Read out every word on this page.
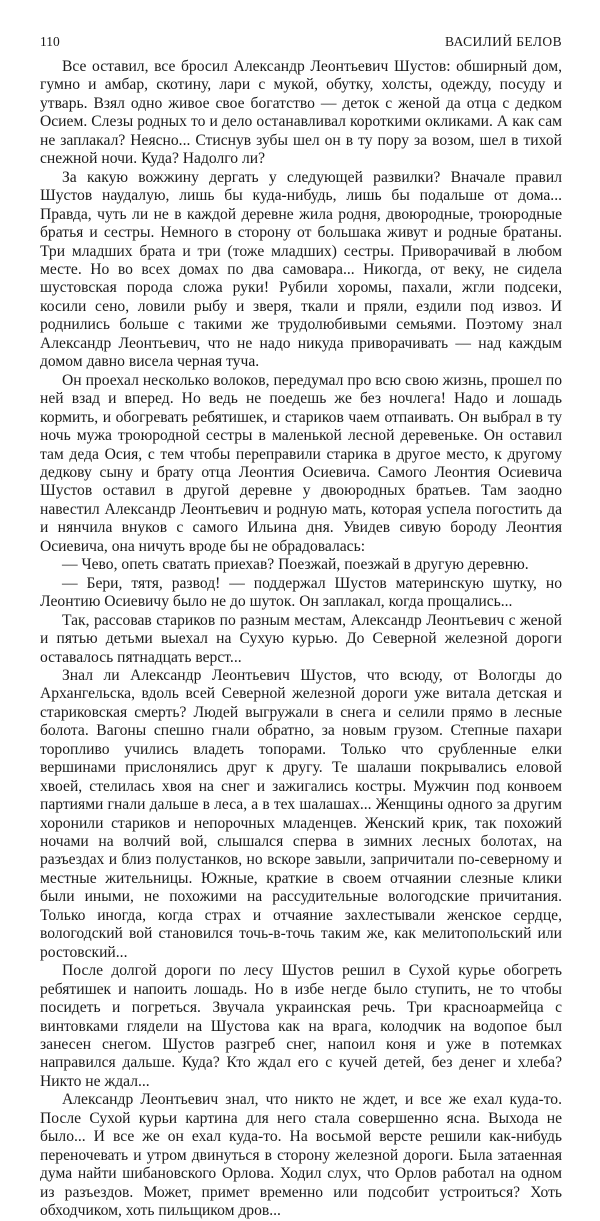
110	ВАСИЛИЙ БЕЛОВ

Все оставил, все бросил Александр Леонтьевич Шустов: обширный дом, гумно и амбар, скотину, лари с мукой, обутку, холсты, одежду, посуду и утварь. Взял одно живое свое богатство — деток с женой да отца с дедком Осием. Слезы родных то и дело останавливал короткими окликами. А как сам не заплакал? Неясно... Стиснув зубы шел он в ту пору за возом, шел в тихой снежной ночи. Куда? Надолго ли?

За какую вожжину дергать у следующей развилки? Вначале правил Шустов наудалую, лишь бы куда-нибудь, лишь бы подальше от дома... Правда, чуть ли не в каждой деревне жила родня, двоюродные, троюродные братья и сестры. Немного в сторону от большака живут и родные братаны. Три младших брата и три (тоже младших) сестры. Приворачивай в любом месте. Но во всех домах по два самовара... Никогда, от веку, не сидела шустовская порода сложа руки! Рубили хоромы, пахали, жгли подсеки, косили сено, ловили рыбу и зверя, ткали и пряли, ездили под извоз. И роднились больше с такими же трудолюбивыми семьями. Поэтому знал Александр Леонтьевич, что не надо никуда приворачивать — над каждым домом давно висела черная туча.

Он проехал несколько волоков, передумал про всю свою жизнь, прошел по ней взад и вперед. Но ведь не поедешь же без ночлега! Надо и лошадь кормить, и обогревать ребятишек, и стариков чаем отпаивать. Он выбрал в ту ночь мужа троюродной сестры в маленькой лесной деревеньке. Он оставил там деда Осия, с тем чтобы переправили старика в другое место, к другому дедкову сыну и брату отца Леонтия Осиевича. Самого Леонтия Осиевича Шустов оставил в другой деревне у двоюродных братьев. Там заодно навестил Александр Леонтьевич и родную мать, которая успела погостить да и нянчила внуков с самого Ильина дня. Увидев сивую бороду Леонтия Осиевича, она ничуть вроде бы не обрадовалась:

— Чево, опеть сватать приехав? Поезжай, поезжай в другую деревню.

— Бери, тятя, развод! — поддержал Шустов материнскую шутку, но Леонтию Осиевичу было не до шуток. Он заплакал, когда прощались...

Так, рассовав стариков по разным местам, Александр Леонтьевич с женой и пятью детьми выехал на Сухую курью. До Северной железной дороги оставалось пятнадцать верст...

Знал ли Александр Леонтьевич Шустов, что всюду, от Вологды до Архангельска, вдоль всей Северной железной дороги уже витала детская и стариковская смерть? Людей выгружали в снега и селили прямо в лесные болота. Вагоны спешно гнали обратно, за новым грузом. Степные пахари торопливо учились владеть топорами. Только что срубленные елки вершинами прислонялись друг к другу. Те шалаши покрывались еловой хвоей, стелилась хвоя на снег и зажигались костры. Мужчин под конвоем партиями гнали дальше в леса, а в тех шалашах... Женщины одного за другим хоронили стариков и непорочных младенцев. Женский крик, так похожий ночами на волчий вой, слышался сперва в зимних лесных болотах, на разъездах и близ полустанков, но вскоре завыли, запричитали по-северному и местные жительницы. Южные, краткие в своем отчаянии слезные клики были иными, не похожими на рассудительные вологодские причитания. Только иногда, когда страх и отчаяние захлестывали женское сердце, вологодский вой становился точь-в-точь таким же, как мелитопольский или ростовский...

После долгой дороги по лесу Шустов решил в Сухой курье обогреть ребятишек и напоить лошадь. Но в избе негде было ступить, не то чтобы посидеть и погреться. Звучала украинская речь. Три красноармейца с винтовками глядели на Шустова как на врага, колодчик на водопое был занесен снегом. Шустов разгреб снег, напоил коня и уже в потемках направился дальше. Куда? Кто ждал его с кучей детей, без денег и хлеба? Никто не ждал...

Александр Леонтьевич знал, что никто не ждет, и все же ехал куда-то. После Сухой курьи картина для него стала совершенно ясна. Выхода не было... И все же он ехал куда-то. На восьмой версте решили как-нибудь переночевать и утром двинуться в сторону железной дороги. Была затаенная дума найти шибановского Орлова. Ходил слух, что Орлов работал на одном из разъездов. Может, примет временно или подсобит устроиться? Хоть обходчиком, хоть пильщиком дров...
